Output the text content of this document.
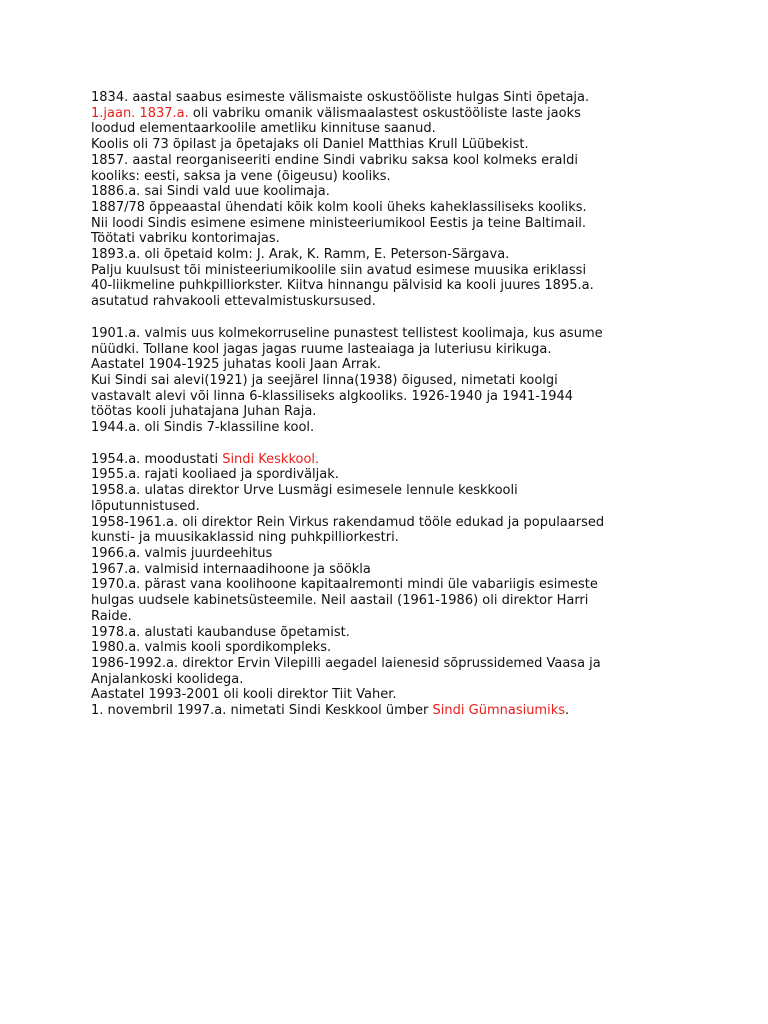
1834. aastal saabus esimeste välismaiste oskustööliste hulgas Sinti õpetaja.
1.jaan. 1837.a. oli vabriku omanik välismaalastest oskustööliste laste jaoks
loodud elementaarkoolile ametliku kinnituse saanud.
Koolis oli 73 õpilast ja õpetajaks oli Daniel Matthias Krull Lüübekist.
1857. aastal reorganiseeriti endine Sindi vabriku saksa kool kolmeks eraldi
kooliks: eesti, saksa ja vene (õigeusu) kooliks.
1886.a. sai Sindi vald uue koolimaja.
1887/78 õppeaastal ühendati kõik kolm kooli üheks kaheklassiliseks kooliks.
Nii loodi Sindis esimene esimene ministeeriumikool Eestis ja teine Baltimail.
Töötati vabriku kontorimajas.
1893.a. oli õpetaid kolm: J. Arak, K. Ramm, E. Peterson-Särgava.
Palju kuulsust tõi ministeeriumikoolile siin avatud esimese muusika eriklassi
40-liikmeline puhkpilliorkster. Kiitva hinnangu pälvisid ka kooli juures 1895.a.
asutatud rahvakooli ettevalmistuskursused.
1901.a. valmis uus kolmekorruseline punastest tellistest koolimaja, kus asume
nüüdki. Tollane kool jagas jagas ruume lasteaiaga ja luteriusu kirikuga.
Aastatel 1904-1925 juhatas kooli Jaan Arrak.
Kui Sindi sai alevi(1921) ja seejärel linna(1938) õigused, nimetati koolgi
vastavalt alevi või linna 6-klassiliseks algkooliks. 1926-1940 ja 1941-1944
töötas kooli juhatajana Juhan Raja.
1944.a. oli Sindis 7-klassiline kool.
1954.a. moodustati Sindi Keskkool.
1955.a. rajati kooliaed ja spordiväljak.
1958.a. ulatas direktor Urve Lusmägi esimesele lennule keskkooli
lõputunnistused.
1958-1961.a. oli direktor Rein Virkus rakendamud tööle edukad ja populaarsed
kunsti- ja muusikaklassid ning puhkpilliorkestri.
1966.a. valmis juurdeehitus
1967.a. valmisid internaadihoone ja söökla
1970.a. pärast vana koolihoone kapitaalremonti mindi üle vabariigis esimeste
hulgas uudsele kabinetsüsteemile. Neil aastail (1961-1986) oli direktor Harri
Raide.
1978.a. alustati kaubanduse õpetamist.
1980.a. valmis kooli spordikompleks.
1986-1992.a. direktor Ervin Vilepilli aegadel laienesid sõprussidemed Vaasa ja
Anjalankoski koolidega.
Aastatel 1993-2001 oli kooli direktor Tiit Vaher.
1. novembril 1997.a. nimetati Sindi Keskkool ümber Sindi Gümnasiumiks.
